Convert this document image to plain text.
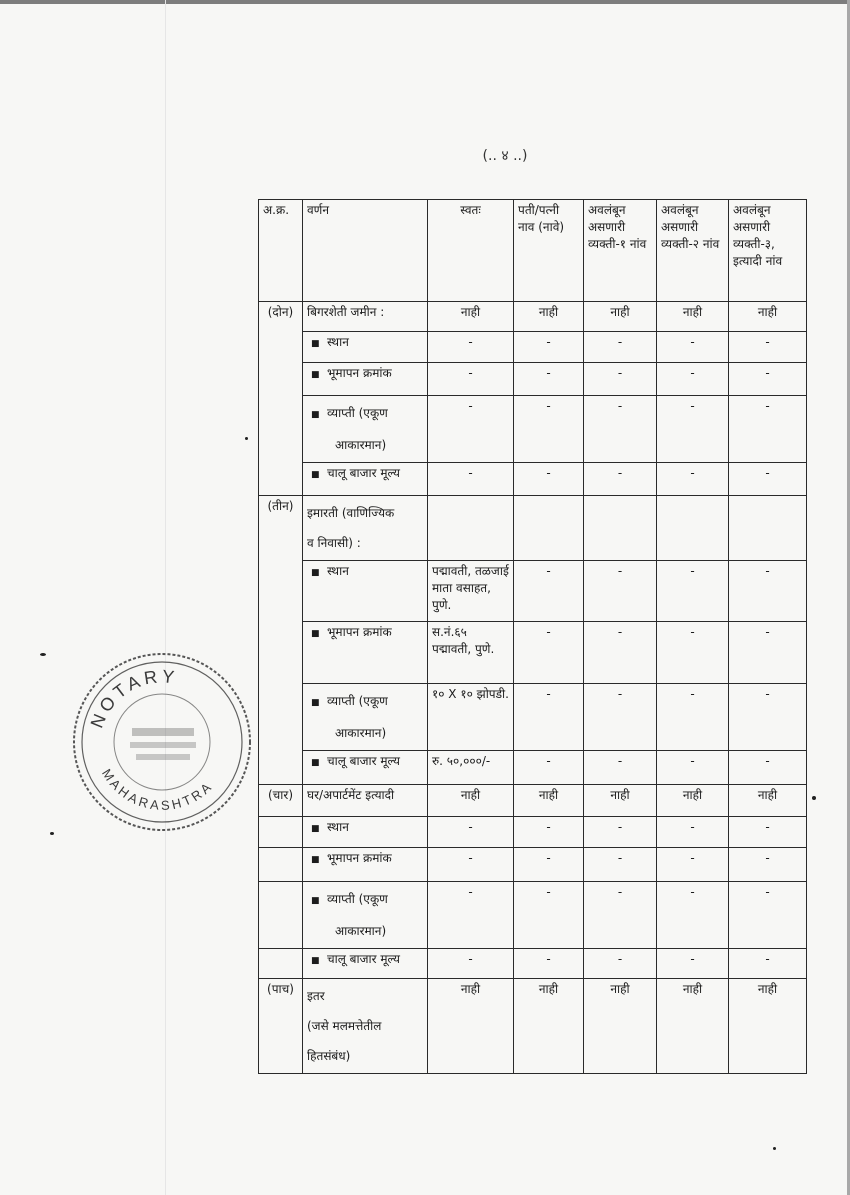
(.. ४ ..)
अ.क्र.	वर्णन	स्वतः	पती/पत्नी नाव (नावे)	अवलंबून असणारी व्यक्ती-१ नांव	अवलंबून असणारी व्यक्ती-२ नांव	अवलंबून असणारी व्यक्ती-३, इत्यादी नांव
(दोन)	बिगरशेती जमीन :	नाही	नाही	नाही	नाही	नाही
	■ स्थान	-	-	-	-	-
	■ भूमापन क्रमांक	-	-	-	-	-
	■ व्याप्ती (एकूण
आकारमान)	-	-	-	-	-
	■ चालू बाजार मूल्य	-	-	-	-	-
(तीन)	इमारती (वाणिज्यिक
व निवासी) :					
	■ स्थान	पद्मावती, तळजाई माता वसाहत, पुणे.	-	-	-	-
	■ भूमापन क्रमांक	स.नं.६५ पद्मावती, पुणे.	-	-	-	-
	■ व्याप्ती (एकूण
आकारमान)	१० X १० झोपडी.	-	-	-	-
	■ चालू बाजार मूल्य	रु. ५०,०००/-	-	-	-	-
(चार)	घर/अपार्टमेंट इत्यादी	नाही	नाही	नाही	नाही	नाही
	■ स्थान	-	-	-	-	-
	■ भूमापन क्रमांक	-	-	-	-	-
	■ व्याप्ती (एकूण
आकारमान)	-	-	-	-	-
	■ चालू बाजार मूल्य	-	-	-	-	-
(पाच)	इतर
(जसे मलमत्तेतील
हितसंबंध)	नाही	नाही	नाही	नाही	नाही
NOTARY
MAHARASHTRA
